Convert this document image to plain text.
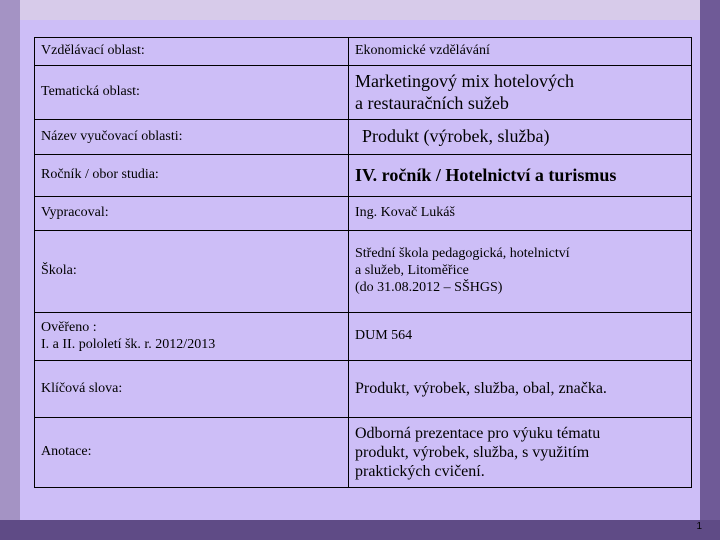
Vzdělávací oblast:	Ekonomické vzdělávání
Tematická oblast:	Marketingový mix hotelových
a restauračních sužeb
Název vyučovací oblasti:	Produkt (výrobek, služba)
Ročník / obor studia:	IV. ročník / Hotelnictví a turismus
Vypracoval:	Ing. Kovač Lukáš
Škola:	Střední škola pedagogická, hotelnictví
a služeb, Litoměřice
(do 31.08.2012 – SŠHGS)
Ověřeno :
I. a II. pololetí šk. r. 2012/2013	DUM 564
Klíčová slova:	Produkt, výrobek, služba, obal, značka.
Anotace:	Odborná prezentace pro výuku tématu
produkt, výrobek, služba, s využitím
praktických cvičení.
1
